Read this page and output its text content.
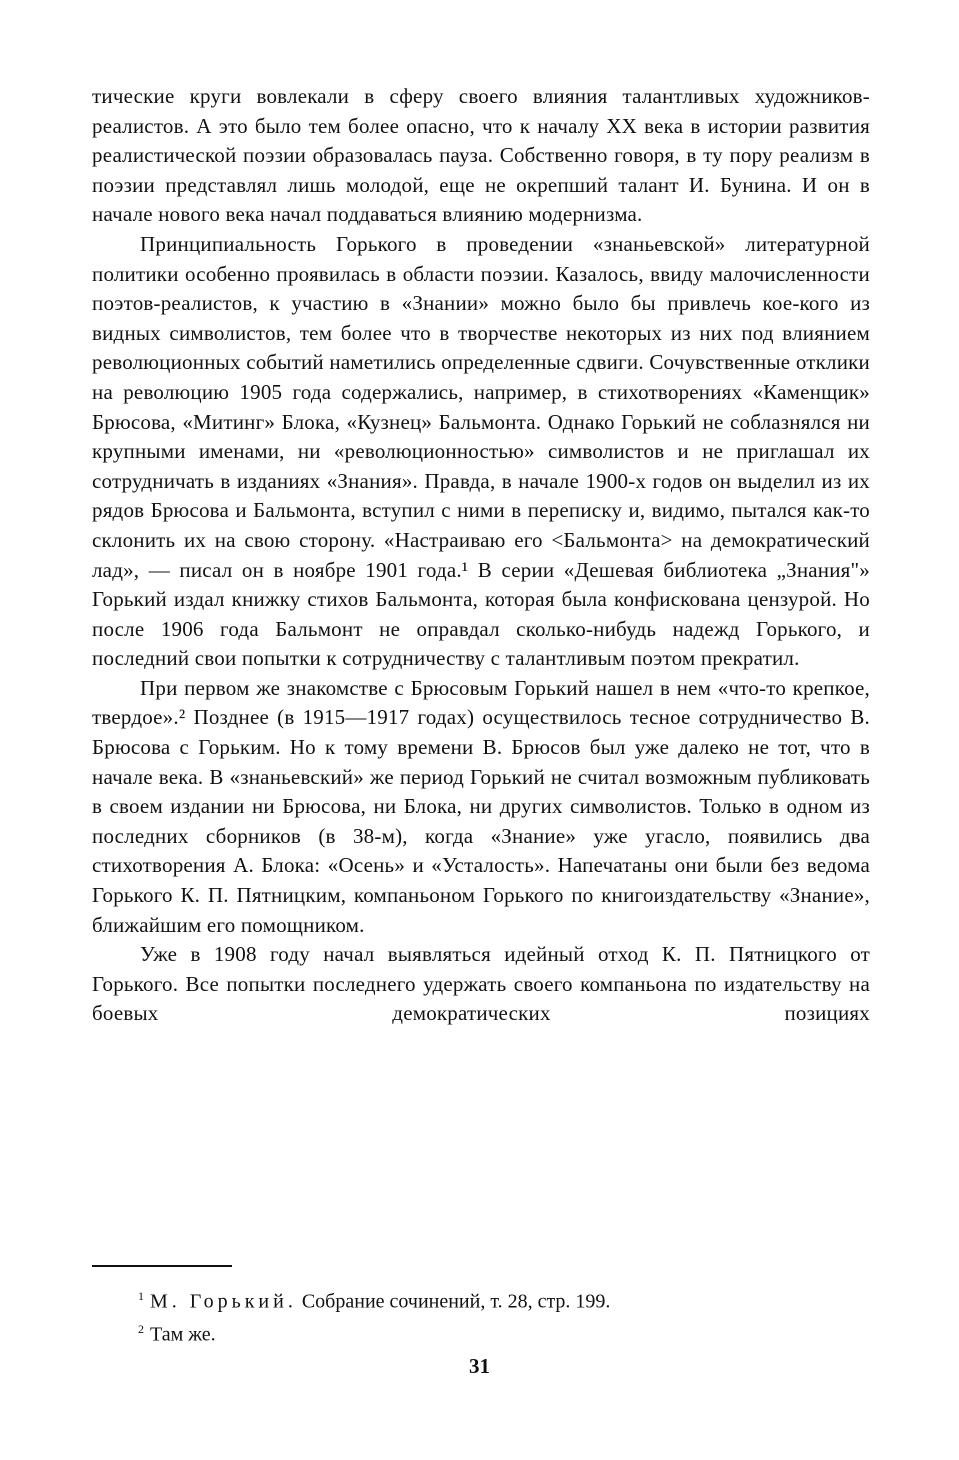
тические круги вовлекали в сферу своего влияния талантливых художников-реалистов. А это было тем более опасно, что к началу XX века в истории развития реалистической поэзии образовалась пауза. Собственно говоря, в ту пору реализм в поэзии представлял лишь молодой, еще не окрепший талант И. Бунина. И он в начале нового века начал поддаваться влиянию модернизма.

Принципиальность Горького в проведении «знаньевской» литературной политики особенно проявилась в области поэзии. Казалось, ввиду малочисленности поэтов-реалистов, к участию в «Знании» можно было бы привлечь кое-кого из видных символистов, тем более что в творчестве некоторых из них под влиянием революционных событий наметились определенные сдвиги. Сочувственные отклики на революцию 1905 года содержались, например, в стихотворениях «Каменщик» Брюсова, «Митинг» Блока, «Кузнец» Бальмонта. Однако Горький не соблазнялся ни крупными именами, ни «революционностью» символистов и не приглашал их сотрудничать в изданиях «Знания». Правда, в начале 1900-х годов он выделил из их рядов Брюсова и Бальмонта, вступил с ними в переписку и, видимо, пытался как-то склонить их на свою сторону. «Настраиваю его <Бальмонта> на демократический лад», — писал он в ноябре 1901 года.¹ В серии «Дешевая библиотека „Знания"» Горький издал книжку стихов Бальмонта, которая была конфискована цензурой. Но после 1906 года Бальмонт не оправдал сколько-нибудь надежд Горького, и последний свои попытки к сотрудничеству с талантливым поэтом прекратил.

При первом же знакомстве с Брюсовым Горький нашел в нем «что-то крепкое, твердое».² Позднее (в 1915—1917 годах) осуществилось тесное сотрудничество В. Брюсова с Горьким. Но к тому времени В. Брюсов был уже далеко не тот, что в начале века. В «знаньевский» же период Горький не считал возможным публиковать в своем издании ни Брюсова, ни Блока, ни других символистов. Только в одном из последних сборников (в 38-м), когда «Знание» уже угасло, появились два стихотворения А. Блока: «Осень» и «Усталость». Напечатаны они были без ведома Горького К. П. Пятницким, компаньоном Горького по книгоиздательству «Знание», ближайшим его помощником.

Уже в 1908 году начал выявляться идейный отход К. П. Пятницкого от Горького. Все попытки последнего удержать своего компаньона по издательству на боевых демократических позициях

$^1$ М. Горький. Собрание сочинений, т. 28, стр. 199.
$^2$ Там же.
31
